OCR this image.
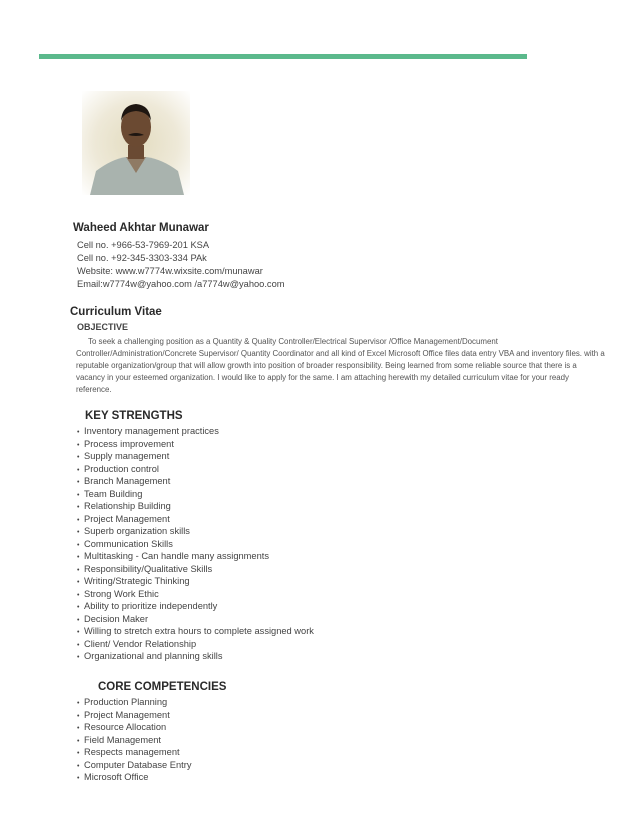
Waheed Akhtar Munawar
Cell no. +966-53-7969-201 KSA
Cell no. +92-345-3303-334 PAk
Website: www.w7774w.wixsite.com/munawar
Email:w7774w@yahoo.com /a7774w@yahoo.com
Curriculum Vitae
OBJECTIVE
To seek a challenging position as a Quantity & Quality Controller/Electrical Supervisor /Office Management/Document Controller/Administration/Concrete Supervisor/ Quantity Coordinator and all kind of Excel Microsoft Office files data entry VBA and inventory files. with a reputable organization/group that will allow growth into position of broader responsibility. Being learned from some reliable source that there is a vacancy in your esteemed organization. I would like to apply for the same. I am attaching herewith my detailed curriculum vitae for your ready reference.
KEY STRENGTHS
• Inventory management practices
• Process improvement
• Supply management
• Production control
• Branch Management
• Team Building
• Relationship Building
• Project Management
• Superb organization skills
• Communication Skills
• Multitasking - Can handle many assignments
• Responsibility/Qualitative Skills
• Writing/Strategic Thinking
• Strong Work Ethic
• Ability to prioritize independently
• Decision Maker
• Willing to stretch extra hours to complete assigned work
• Client/ Vendor Relationship
• Organizational and planning skills
CORE COMPETENCIES
• Production Planning
• Project Management
• Resource Allocation
• Field Management
• Respects management
• Computer Database Entry
• Microsoft Office
